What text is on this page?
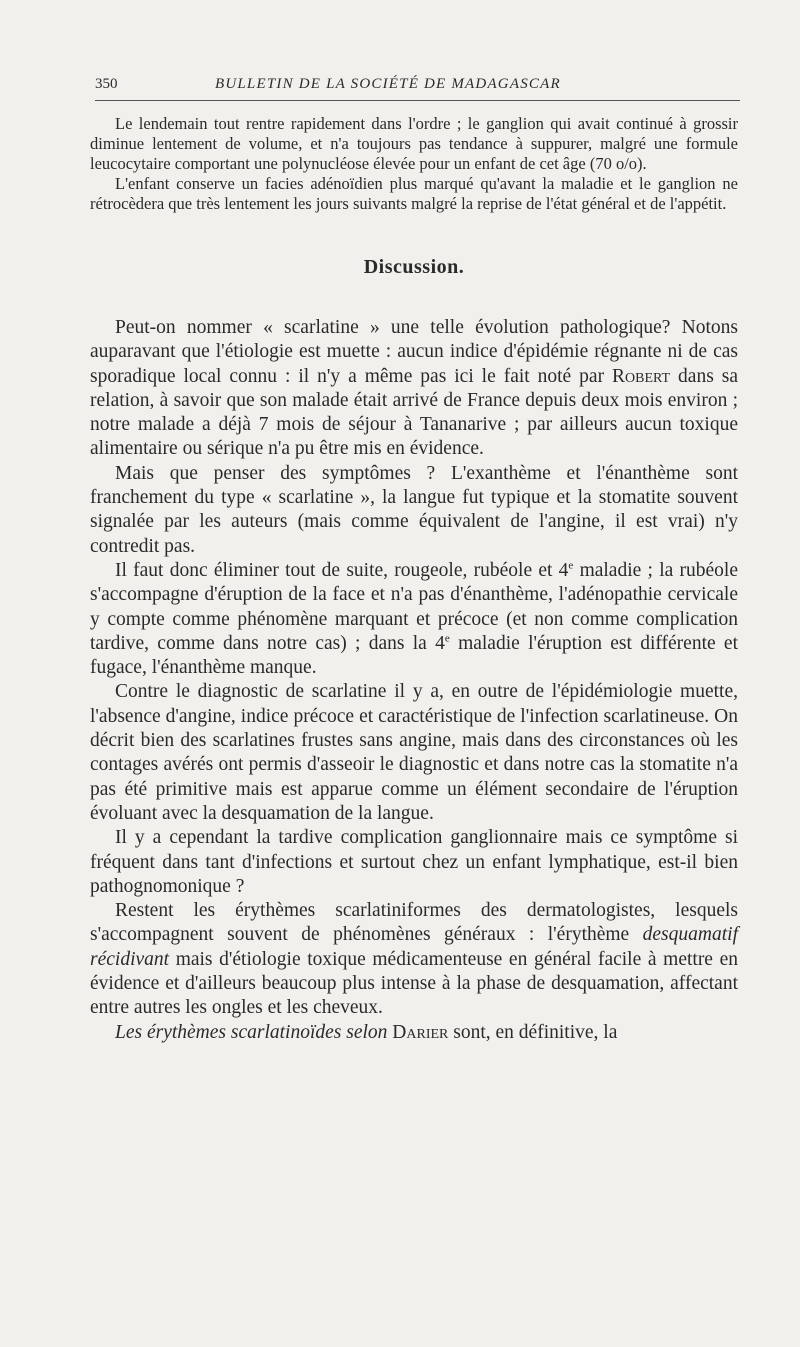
350	BULLETIN DE LA SOCIÉTÉ DE MADAGASCAR

Le lendemain tout rentre rapidement dans l'ordre ; le ganglion qui avait continué à grossir diminue lentement de volume, et n'a toujours pas tendance à suppurer, malgré une formule leucocytaire comportant une polynucléose élevée pour un enfant de cet âge (70 o/o).

L'enfant conserve un facies adénoïdien plus marqué qu'avant la maladie et le ganglion ne rétrocèdera que très lentement les jours suivants malgré la reprise de l'état général et de l'appétit.

Discussion.

Peut-on nommer « scarlatine » une telle évolution pathologique? Notons auparavant que l'étiologie est muette : aucun indice d'épidémie régnante ni de cas sporadique local connu : il n'y a même pas ici le fait noté par Robert dans sa relation, à savoir que son malade était arrivé de France depuis deux mois environ ; notre malade a déjà 7 mois de séjour à Tananarive ; par ailleurs aucun toxique alimentaire ou sérique n'a pu être mis en évidence.

Mais que penser des symptômes ? L'exanthème et l'énanthème sont franchement du type « scarlatine », la langue fut typique et la stomatite souvent signalée par les auteurs (mais comme équivalent de l'angine, il est vrai) n'y contredit pas.

Il faut donc éliminer tout de suite, rougeole, rubéole et 4e maladie ; la rubéole s'accompagne d'éruption de la face et n'a pas d'énanthème, l'adénopathie cervicale y compte comme phénomène marquant et précoce (et non comme complication tardive, comme dans notre cas) ; dans la 4e maladie l'éruption est différente et fugace, l'énanthème manque.

Contre le diagnostic de scarlatine il y a, en outre de l'épidémiologie muette, l'absence d'angine, indice précoce et caractéristique de l'infection scarlatineuse. On décrit bien des scarlatines frustes sans angine, mais dans des circonstances où les contages avérés ont permis d'asseoir le diagnostic et dans notre cas la stomatite n'a pas été primitive mais est apparue comme un élément secondaire de l'éruption évoluant avec la desquamation de la langue.

Il y a cependant la tardive complication ganglionnaire mais ce symptôme si fréquent dans tant d'infections et surtout chez un enfant lymphatique, est-il bien pathognomonique ?

Restent les érythèmes scarlatiniformes des dermatologistes, lesquels s'accompagnent souvent de phénomènes généraux : l'érythème desquamatif récidivant mais d'étiologie toxique médicamenteuse en général facile à mettre en évidence et d'ailleurs beaucoup plus intense à la phase de desquamation, affectant entre autres les ongles et les cheveux.

Les érythèmes scarlatinoïdes selon Darier sont, en définitive, la
